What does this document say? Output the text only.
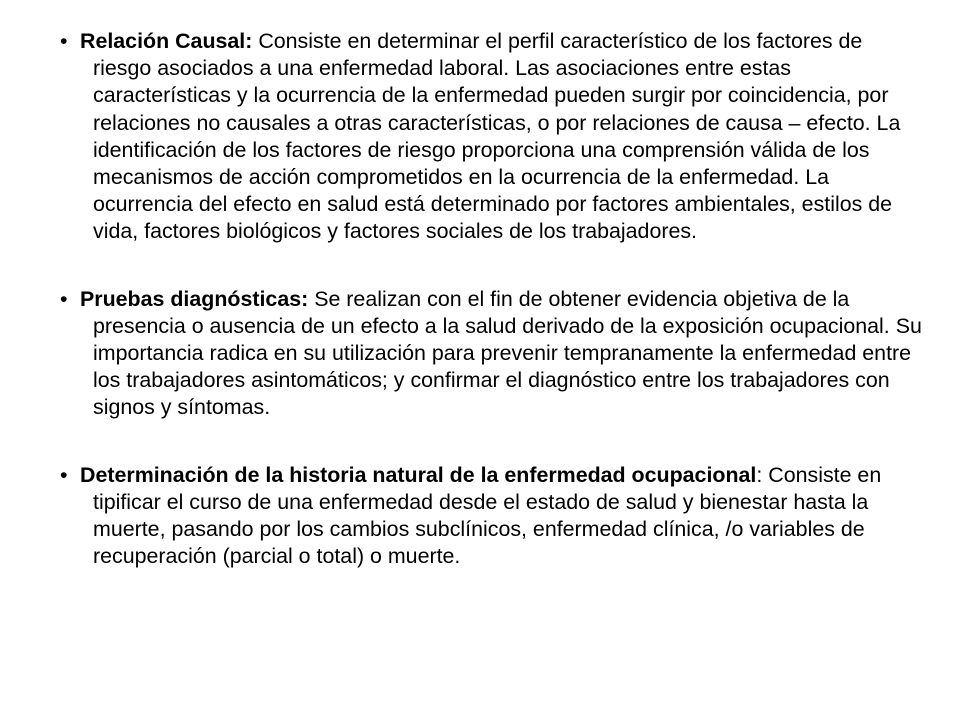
• Relación Causal: Consiste en determinar el perfil característico de los factores de riesgo asociados a una enfermedad laboral. Las asociaciones entre estas características y la ocurrencia de la enfermedad pueden surgir por coincidencia, por relaciones no causales a otras características, o por relaciones de causa – efecto. La identificación de los factores de riesgo proporciona una comprensión válida de los mecanismos de acción comprometidos en la ocurrencia de la enfermedad. La ocurrencia del efecto en salud está determinado por factores ambientales, estilos de vida, factores biológicos y factores sociales de los trabajadores.

• Pruebas diagnósticas: Se realizan con el fin de obtener evidencia objetiva de la presencia o ausencia de un efecto a la salud derivado de la exposición ocupacional. Su importancia radica en su utilización para prevenir tempranamente la enfermedad entre los trabajadores asintomáticos; y confirmar el diagnóstico entre los trabajadores con signos y síntomas.

• Determinación de la historia natural de la enfermedad ocupacional: Consiste en tipificar el curso de una enfermedad desde el estado de salud y bienestar hasta la muerte, pasando por los cambios subclínicos, enfermedad clínica, /o variables de recuperación (parcial o total) o muerte.
